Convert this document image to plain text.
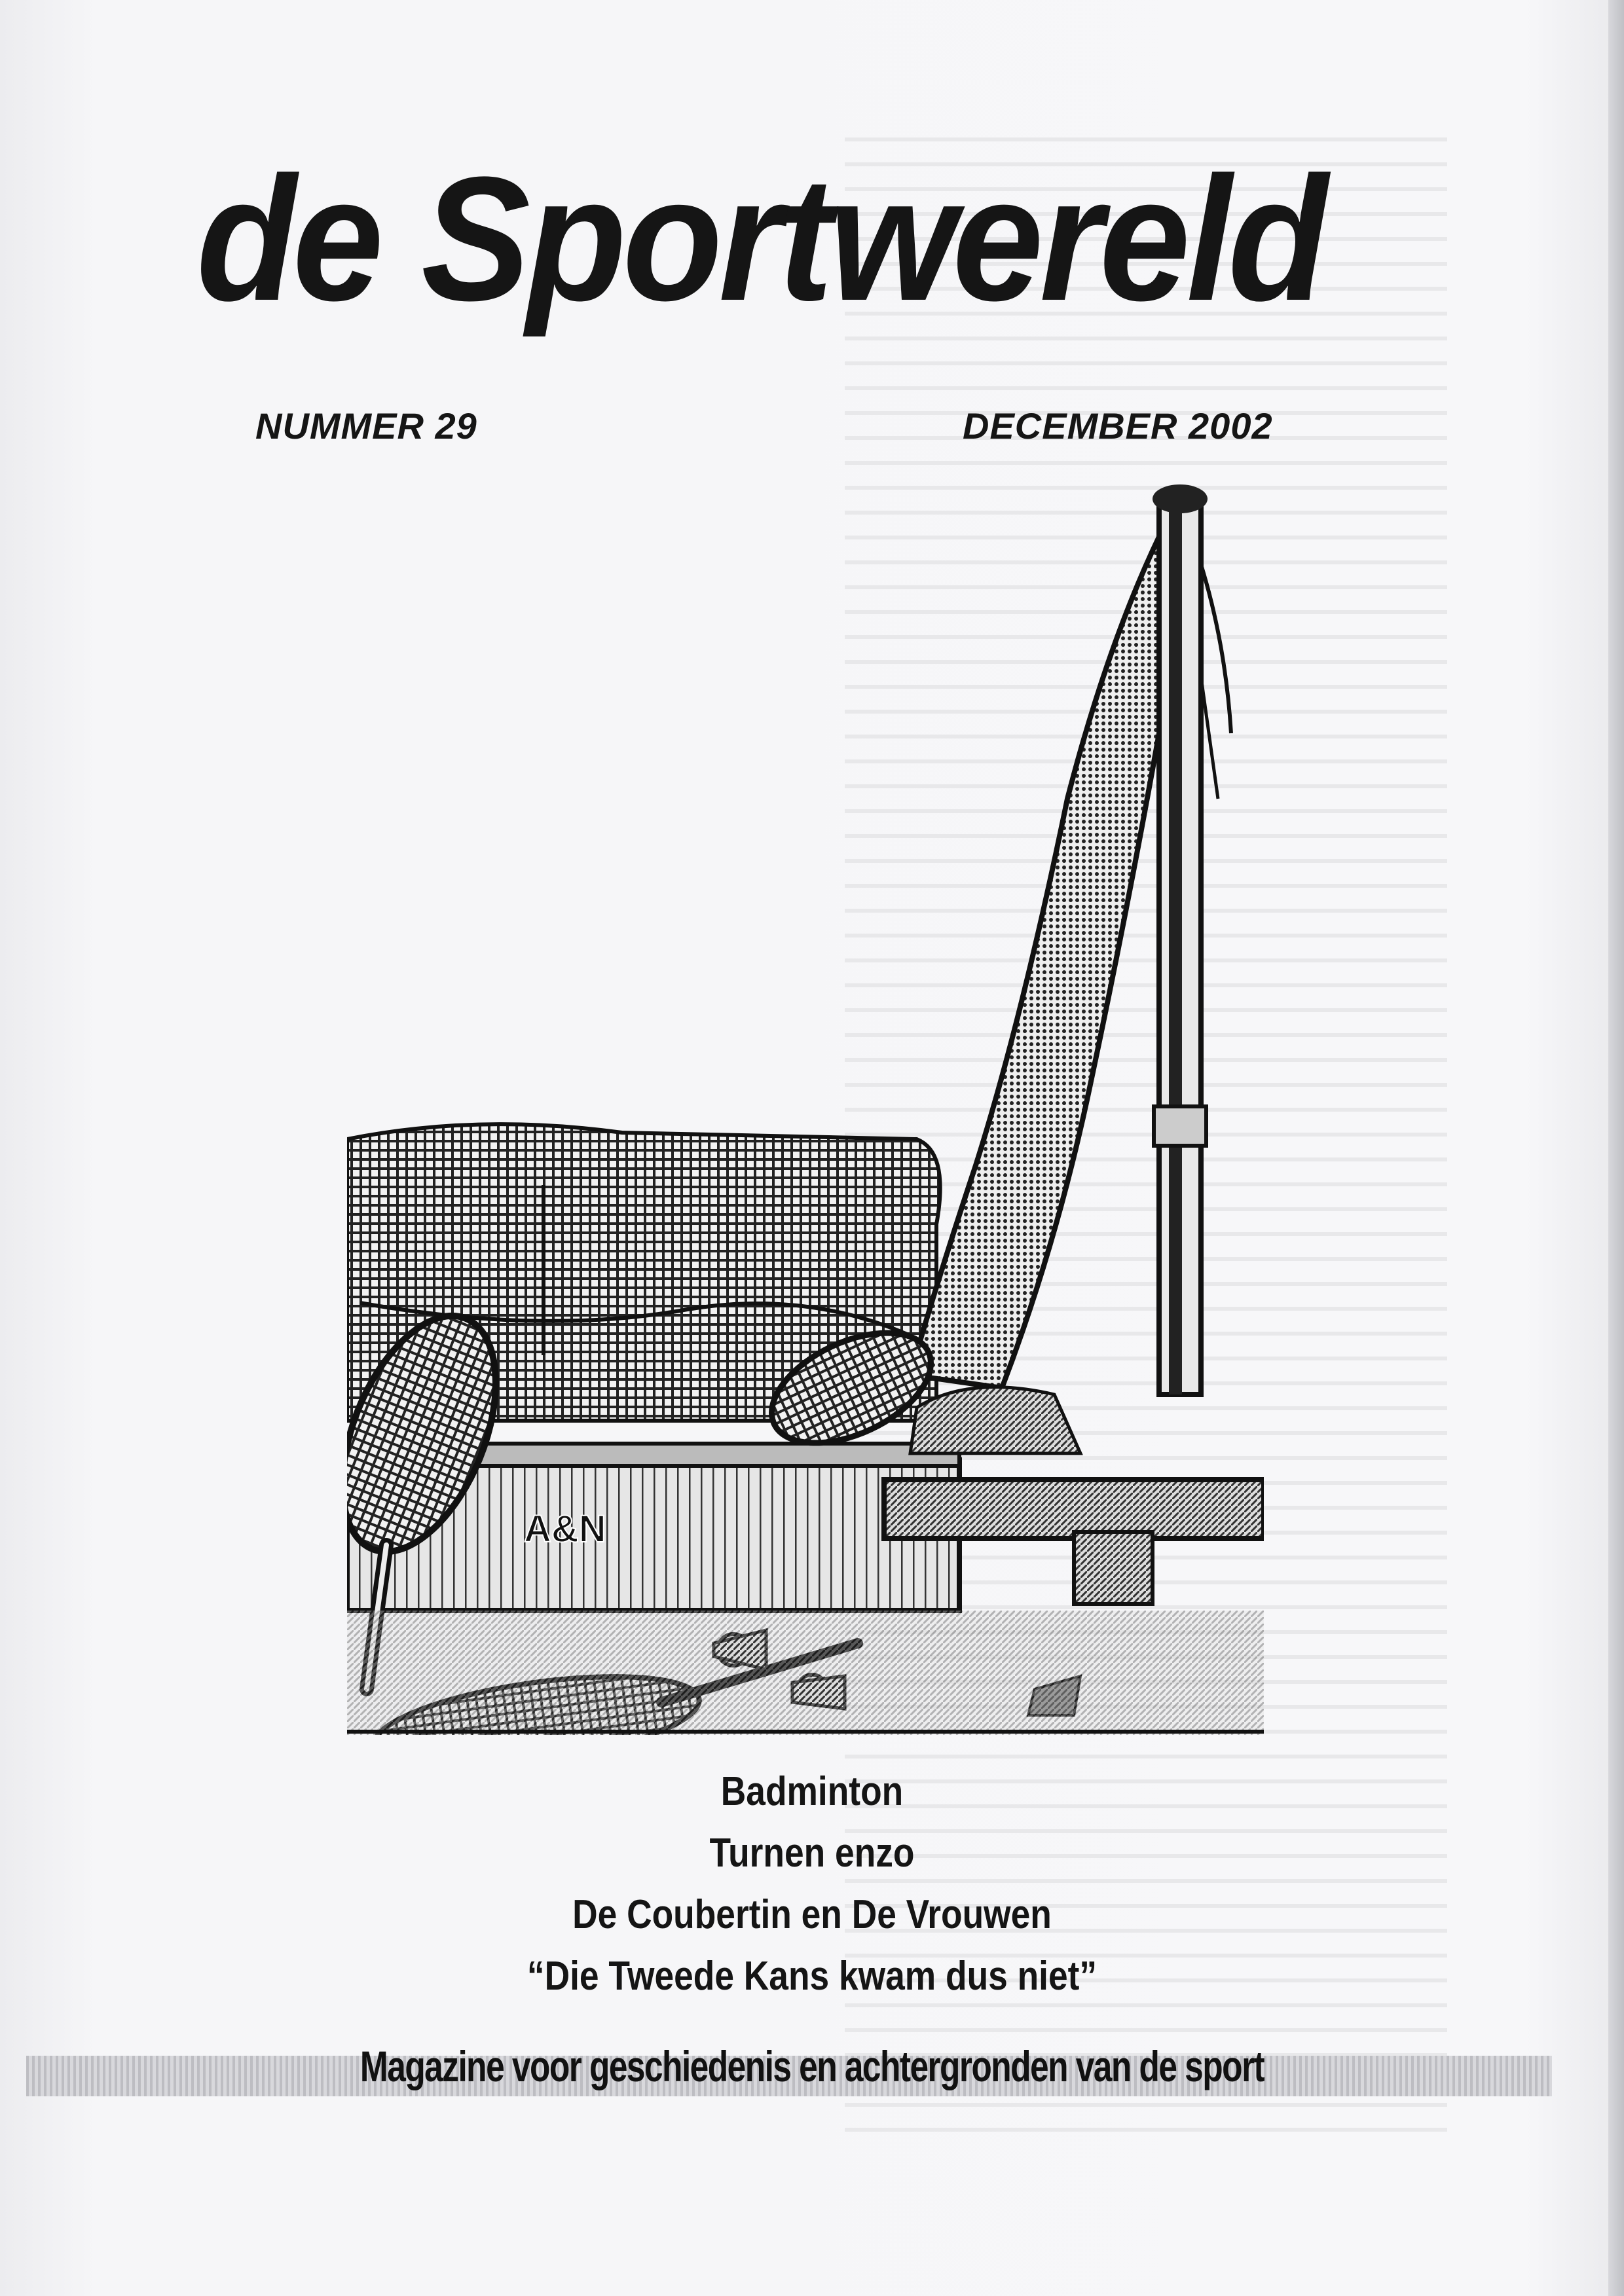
de Sportwereld
NUMMER 29	DECEMBER 2002
A&N
Badminton
Turnen enzo
De Coubertin en De Vrouwen
“Die Tweede Kans kwam dus niet”
Magazine voor geschiedenis en achtergronden van de sport
